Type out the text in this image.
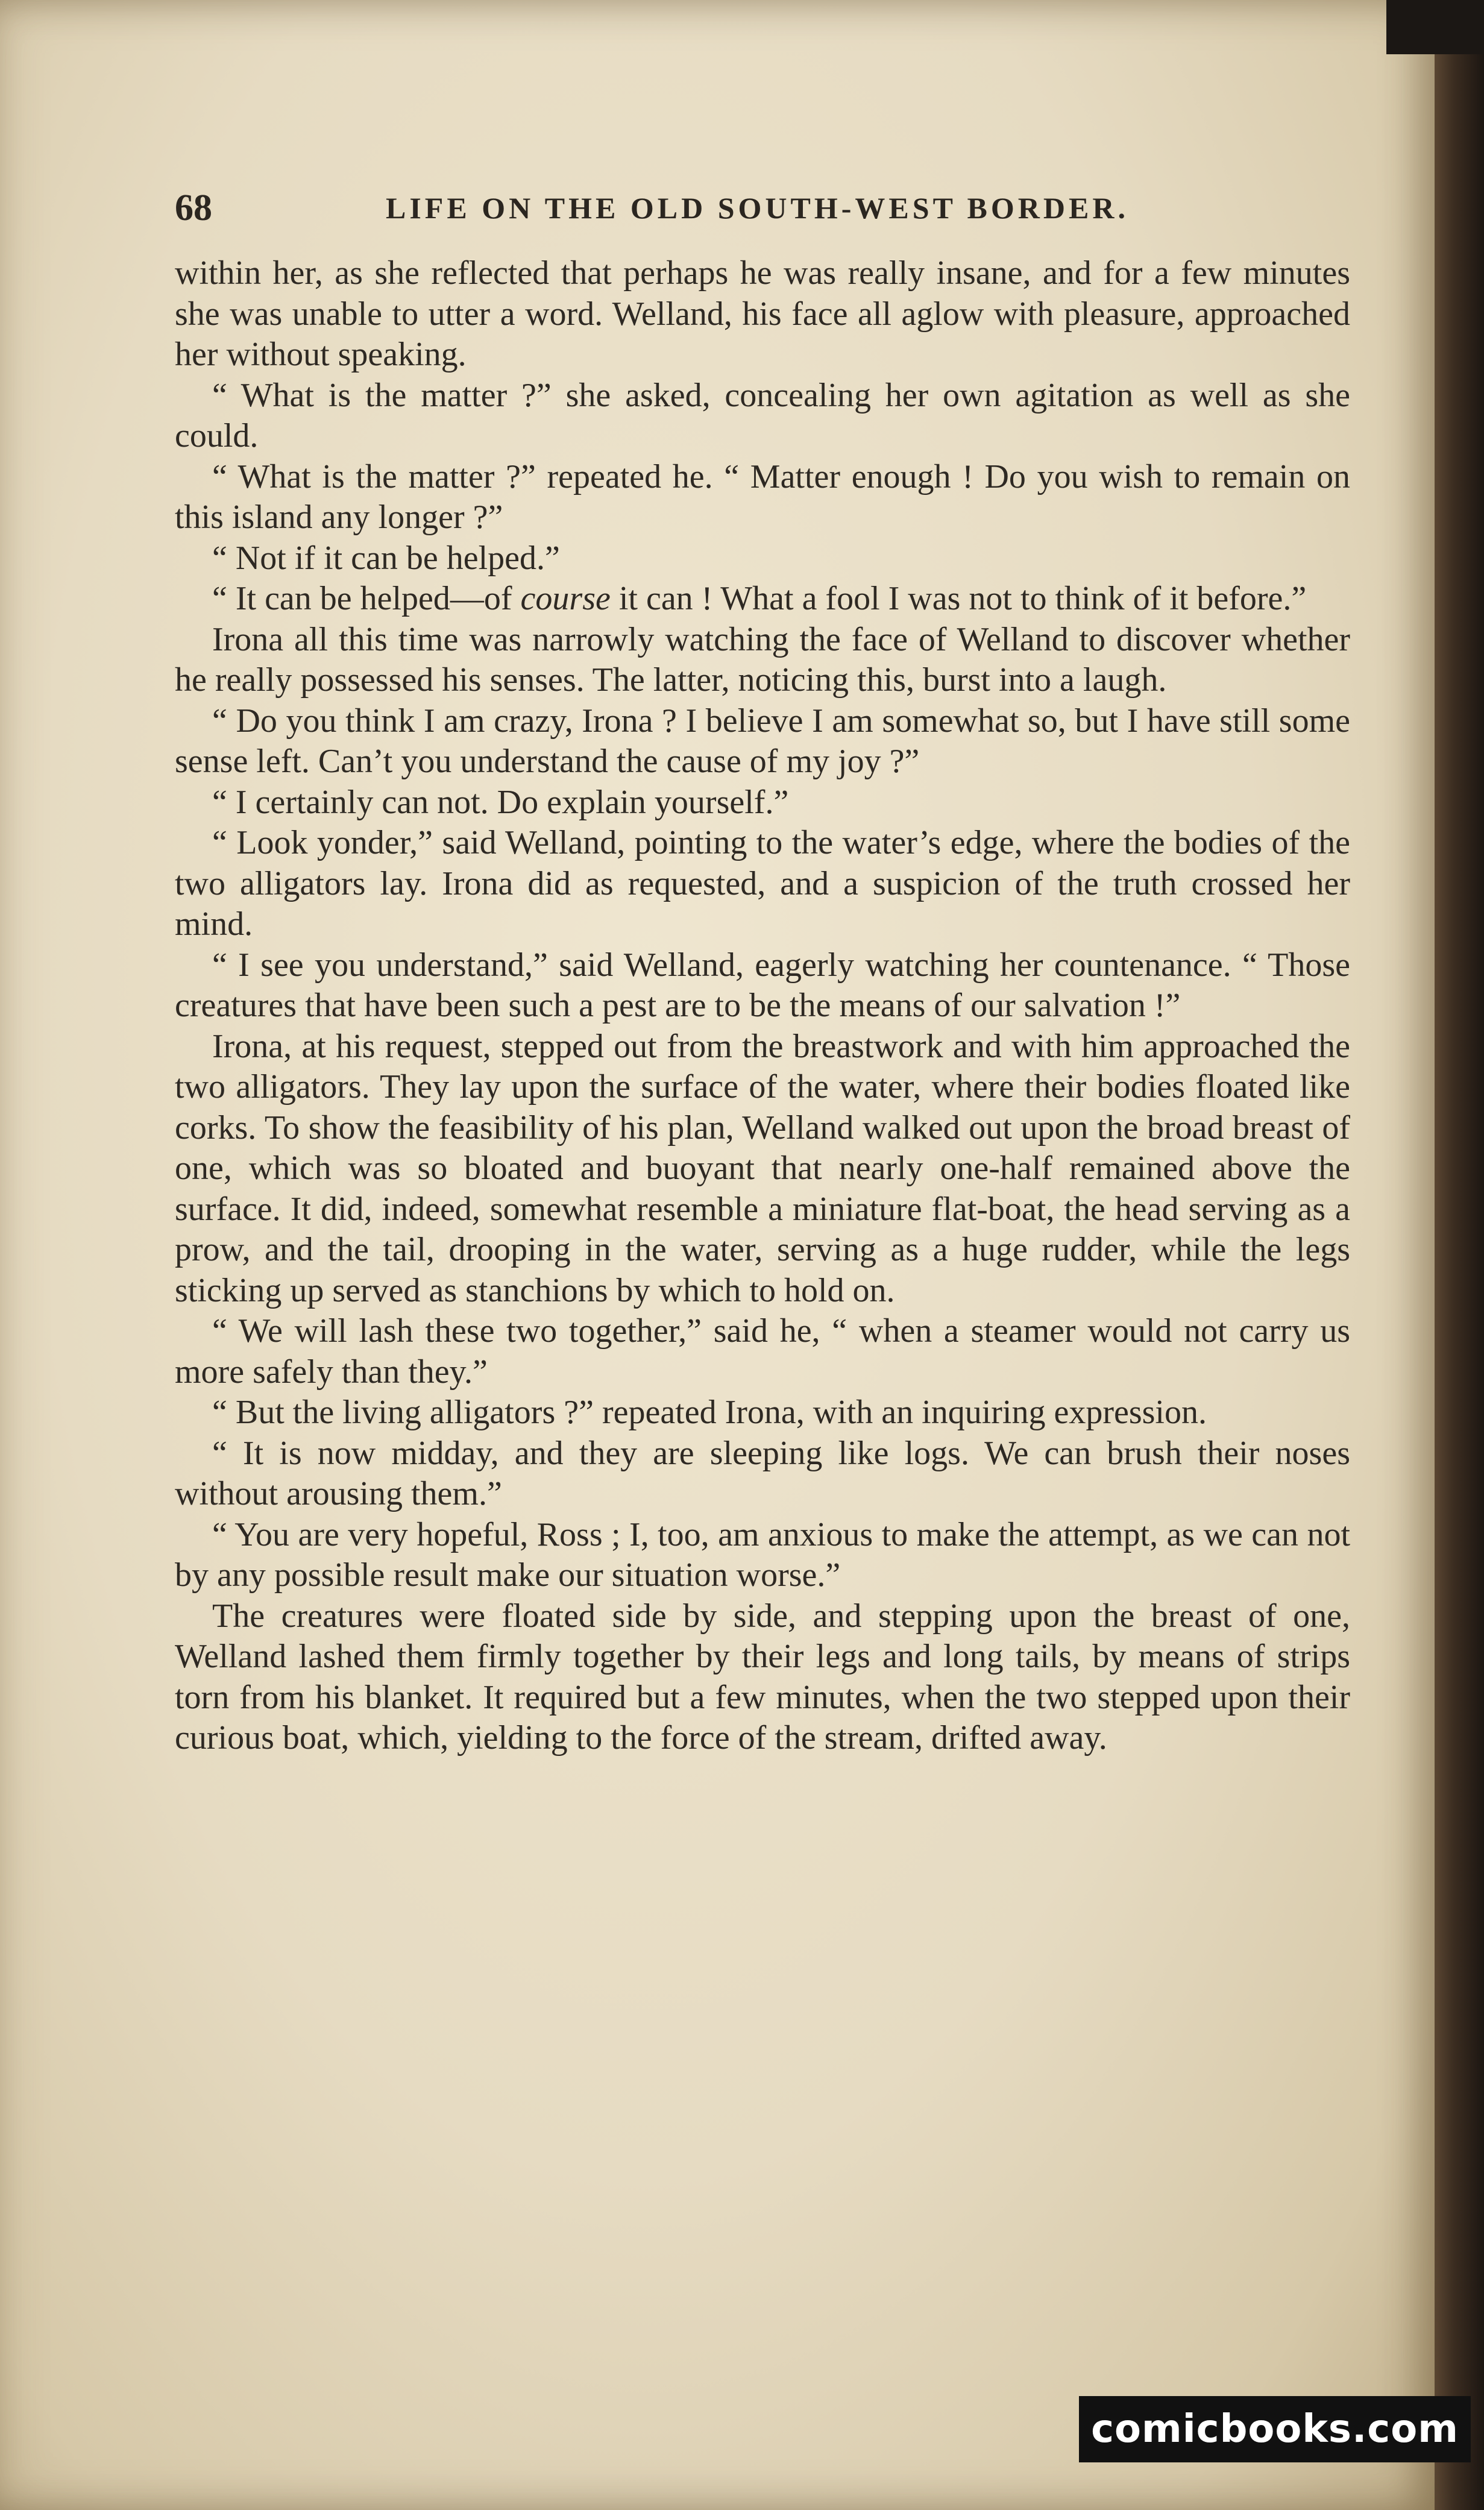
68	LIFE ON THE OLD SOUTH-WEST BORDER.

within her, as she reflected that perhaps he was really insane, and for a few minutes she was unable to utter a word. Welland, his face all aglow with pleasure, approached her without speaking.

“ What is the matter ?” she asked, concealing her own agitation as well as she could.

“ What is the matter ?” repeated he. “ Matter enough ! Do you wish to remain on this island any longer ?”

“ Not if it can be helped.”

“ It can be helped—of course it can ! What a fool I was not to think of it before.”

Irona all this time was narrowly watching the face of Welland to discover whether he really possessed his senses. The latter, noticing this, burst into a laugh.

“ Do you think I am crazy, Irona ? I believe I am somewhat so, but I have still some sense left. Can’t you understand the cause of my joy ?”

“ I certainly can not. Do explain yourself.”

“ Look yonder,” said Welland, pointing to the water’s edge, where the bodies of the two alligators lay. Irona did as requested, and a suspicion of the truth crossed her mind.

“ I see you understand,” said Welland, eagerly watching her countenance. “ Those creatures that have been such a pest are to be the means of our salvation !”

Irona, at his request, stepped out from the breastwork and with him approached the two alligators. They lay upon the surface of the water, where their bodies floated like corks. To show the feasibility of his plan, Welland walked out upon the broad breast of one, which was so bloated and buoyant that nearly one-half remained above the surface. It did, indeed, somewhat resemble a miniature flat-boat, the head serving as a prow, and the tail, drooping in the water, serving as a huge rudder, while the legs sticking up served as stanchions by which to hold on.

“ We will lash these two together,” said he, “ when a steamer would not carry us more safely than they.”

“ But the living alligators ?” repeated Irona, with an inquiring expression.

“ It is now midday, and they are sleeping like logs. We can brush their noses without arousing them.”

“ You are very hopeful, Ross ; I, too, am anxious to make the attempt, as we can not by any possible result make our situation worse.”

The creatures were floated side by side, and stepping upon the breast of one, Welland lashed them firmly together by their legs and long tails, by means of strips torn from his blanket. It required but a few minutes, when the two stepped upon their curious boat, which, yielding to the force of the stream, drifted away.

comicbooks.com
